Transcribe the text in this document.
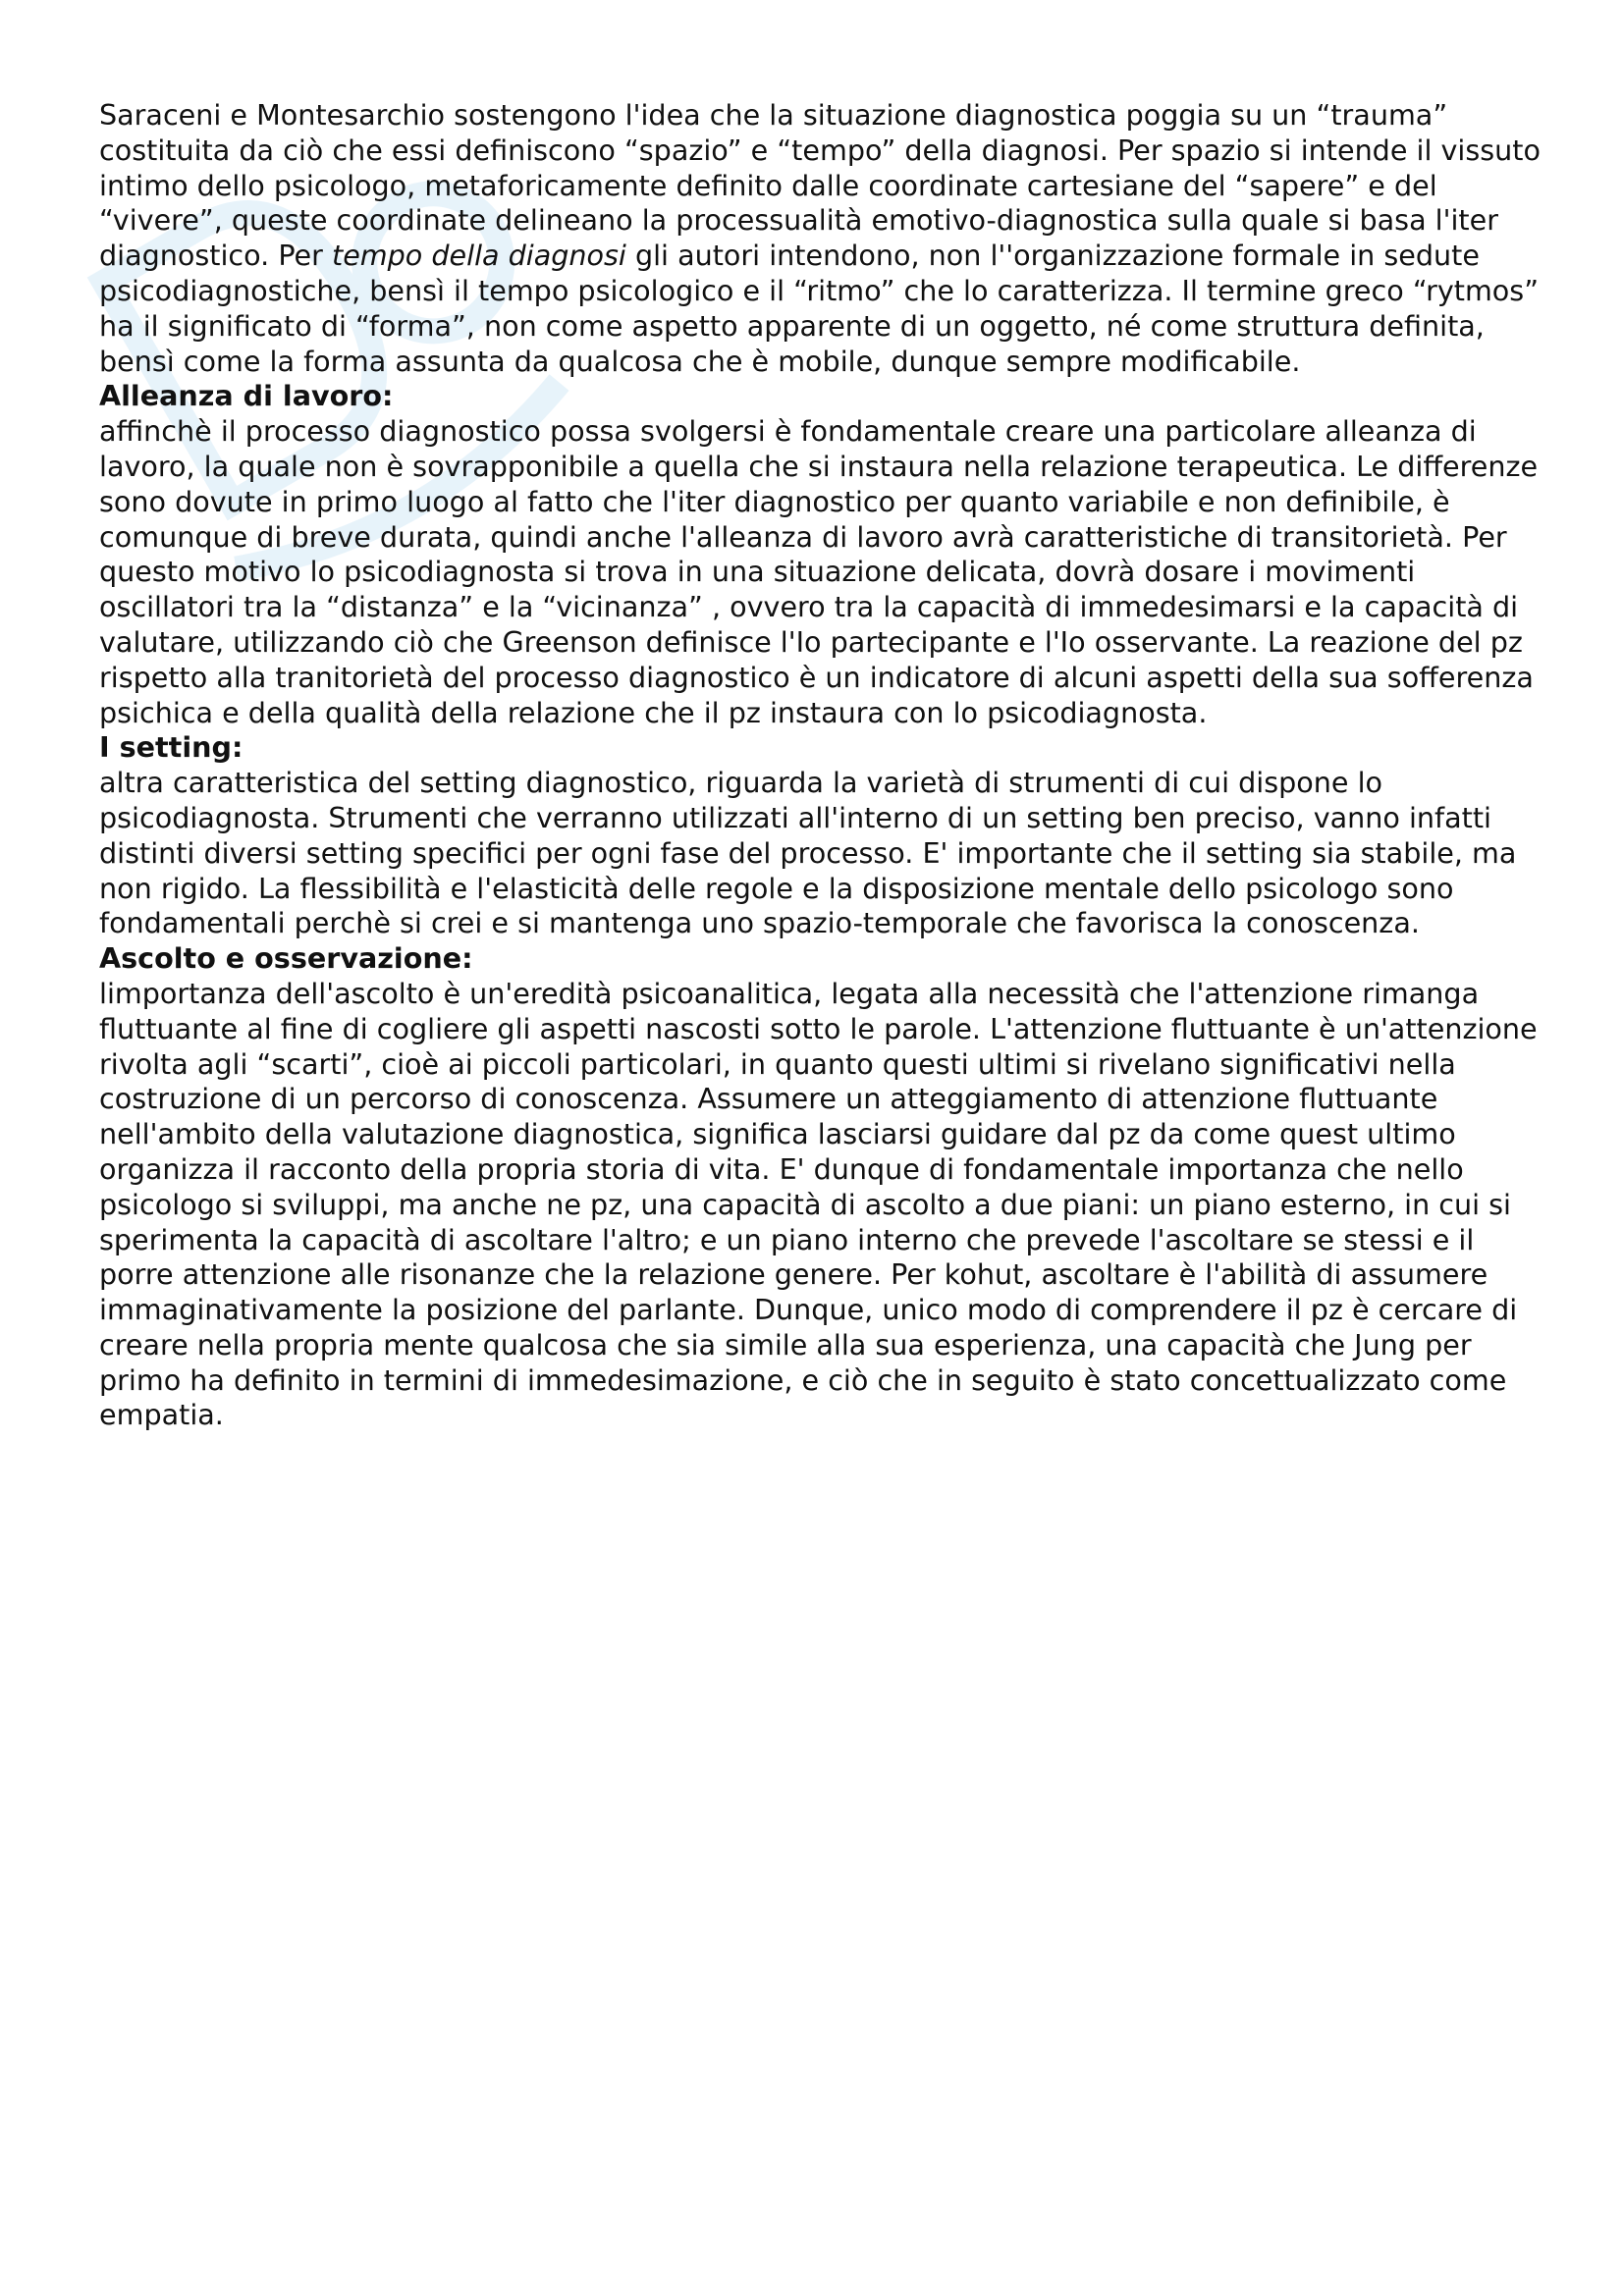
Saraceni e Montesarchio sostengono l'idea che la situazione diagnostica poggia su un “trauma” costituita da ciò che essi definiscono “spazio” e “tempo” della diagnosi. Per spazio si intende il vissuto intimo dello psicologo, metaforicamente definito dalle coordinate cartesiane del “sapere” e del “vivere”, queste coordinate delineano la processualità emotivo-diagnostica sulla quale si basa l'iter diagnostico. Per tempo della diagnosi gli autori intendono, non l''organizzazione formale in sedute psicodiagnostiche, bensì il tempo psicologico e il “ritmo” che lo caratterizza. Il termine greco “rytmos” ha il significato di “forma”, non come aspetto apparente di un oggetto, né come struttura definita, bensì come la forma assunta da qualcosa che è mobile, dunque sempre modificabile.

Alleanza di lavoro:

affinchè il processo diagnostico possa svolgersi è fondamentale creare una particolare alleanza di lavoro, la quale non è sovrapponibile a quella che si instaura nella relazione terapeutica. Le differenze sono dovute in primo luogo al fatto che l'iter diagnostico per quanto variabile e non definibile, è comunque di breve durata, quindi anche l'alleanza di lavoro avrà caratteristiche di transitorietà. Per questo motivo lo psicodiagnosta si trova in una situazione delicata, dovrà dosare i movimenti oscillatori tra la “distanza” e la “vicinanza” , ovvero tra la capacità di immedesimarsi e la capacità di valutare, utilizzando ciò che Greenson definisce l'Io partecipante e l'Io osservante. La reazione del pz rispetto alla tranitorietà del processo diagnostico è un indicatore di alcuni aspetti della sua sofferenza psichica e della qualità della relazione che il pz instaura con lo psicodiagnosta.

I setting:

altra caratteristica del setting diagnostico, riguarda la varietà di strumenti di cui dispone lo psicodiagnosta. Strumenti che verranno utilizzati all'interno di un setting ben preciso, vanno infatti distinti diversi setting specifici per ogni fase del processo. E' importante che il setting sia stabile, ma non rigido. La flessibilità e l'elasticità delle regole e la disposizione mentale dello psicologo sono fondamentali perchè si crei e si mantenga uno spazio-temporale che favorisca la conoscenza.

Ascolto e osservazione:

limportanza dell'ascolto è un'eredità psicoanalitica, legata alla necessità che l'attenzione rimanga fluttuante al fine di cogliere gli aspetti nascosti sotto le parole. L'attenzione fluttuante è un'attenzione rivolta agli “scarti”, cioè ai piccoli particolari, in quanto questi ultimi si rivelano significativi nella costruzione di un percorso di conoscenza. Assumere un atteggiamento di attenzione fluttuante nell'ambito della valutazione diagnostica, significa lasciarsi guidare dal pz da come quest ultimo organizza il racconto della propria storia di vita. E' dunque di fondamentale importanza che nello psicologo si sviluppi, ma anche ne pz, una capacità di ascolto a due piani: un piano esterno, in cui si sperimenta la capacità di ascoltare l'altro; e un piano interno che prevede l'ascoltare se stessi e il porre attenzione alle risonanze che la relazione genere. Per kohut, ascoltare è l'abilità di assumere immaginativamente la posizione del parlante. Dunque, unico modo di comprendere il pz è cercare di creare nella propria mente qualcosa che sia simile alla sua esperienza, una capacità che Jung per primo ha definito in termini di immedesimazione, e ciò che in seguito è stato concettualizzato come empatia.
